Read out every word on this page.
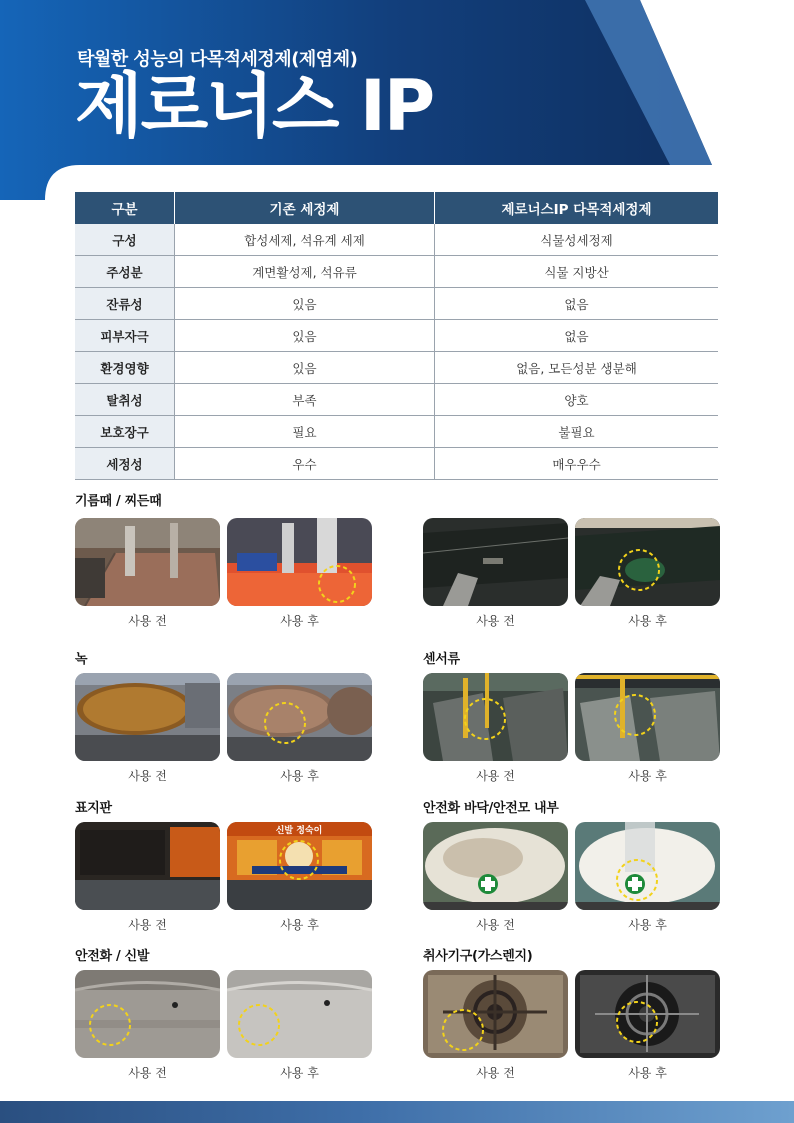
탁월한 성능의 다목적세정제(제염제)
제로너스 IP
구분	기존 세정제	제로너스IP 다목적세정제
구성	합성세제, 석유계 세제	식물성세정제
주성분	계면활성제, 석유류	식물 지방산
잔류성	있음	없음
피부자극	있음	없음
환경영향	있음	없음, 모든성분 생분해
탈취성	부족	양호
보호장구	필요	불필요
세정성	우수	매우우수
기름때 / 찌든때
사용 전	사용 후	사용 전	사용 후
녹
사용 전	사용 후
센서류
사용 전	사용 후
표지판
신발 정숙이
사용 전	사용 후
안전화 바닥/안전모 내부
사용 전	사용 후
안전화 / 신발
사용 전	사용 후
취사기구(가스렌지)
사용 전	사용 후
